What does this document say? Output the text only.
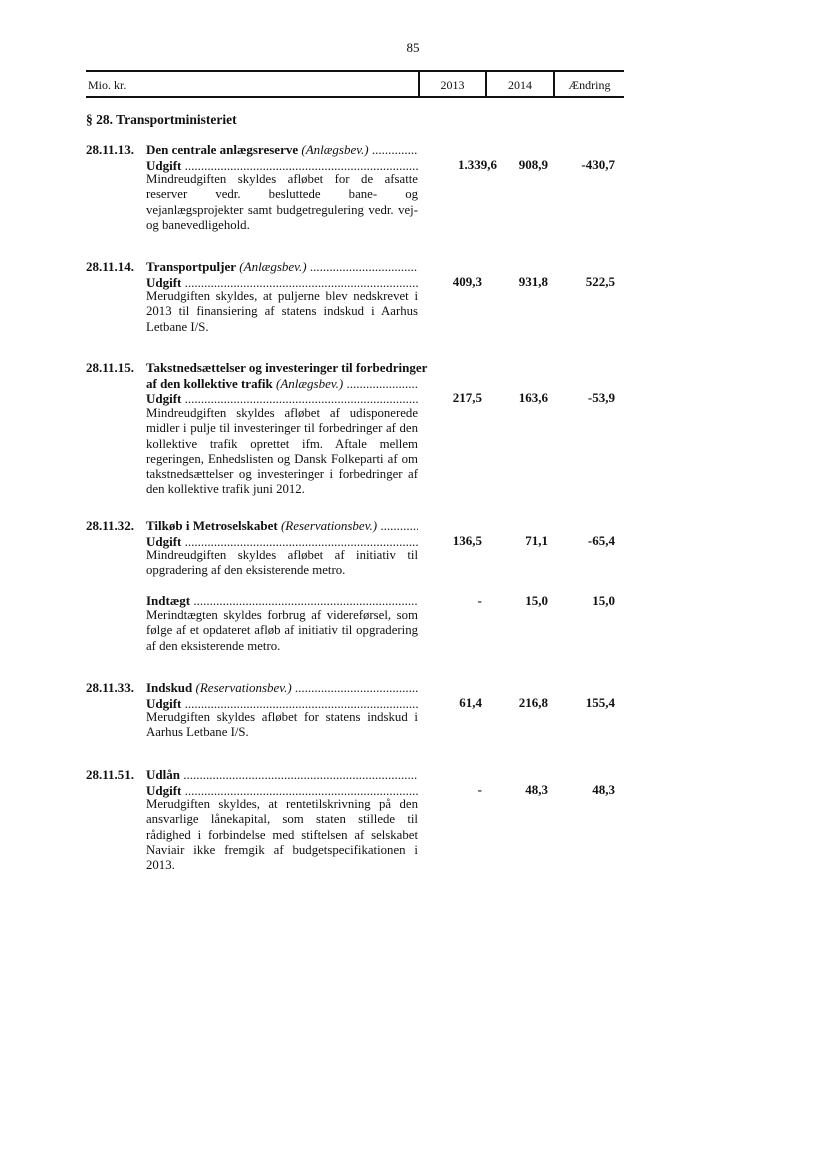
85
Mio. kr.	2013	2014	Ændring
§ 28. Transportministeriet
28.11.13. Den centrale anlægsreserve (Anlægsbev.) .....
Udgift .....	1.339,6	908,9	-430,7
Mindreudgiften skyldes afløbet for de afsatte reserver vedr. besluttede bane- og vejanlægsprojekter samt budgetregulering vedr. vej- og banevedligehold.
28.11.14. Transportpuljer (Anlægsbev.) .....
Udgift .....	409,3	931,8	522,5
Merudgiften skyldes, at puljerne blev nedskrevet i 2013 til finansiering af statens indskud i Aarhus Letbane I/S.
28.11.15. Takstnedsættelser og investeringer til forbedringer
af den kollektive trafik (Anlægsbev.) .....
Udgift .....	217,5	163,6	-53,9
Mindreudgiften skyldes afløbet af udisponerede midler i pulje til investeringer til forbedringer af den kollektive trafik oprettet ifm. Aftale mellem regeringen, Enhedslisten og Dansk Folkeparti af om takstnedsættelser og investeringer i forbedringer af den kollektive trafik juni 2012.
28.11.32. Tilkøb i Metroselskabet (Reservationsbev.) .....
Udgift .....	136,5	71,1	-65,4
Mindreudgiften skyldes afløbet af initiativ til opgradering af den eksisterende metro.
Indtægt .....	-	15,0	15,0
Merindtægten skyldes forbrug af videreførsel, som følge af et opdateret afløb af initiativ til opgradering af den eksisterende metro.
28.11.33. Indskud (Reservationsbev.) .....
Udgift .....	61,4	216,8	155,4
Merudgiften skyldes afløbet for statens indskud i Aarhus Letbane I/S.
28.11.51. Udlån .....
Udgift .....	-	48,3	48,3
Merudgiften skyldes, at rentetilskrivning på den ansvarlige lånekapital, som staten stillede til rådighed i forbindelse med stiftelsen af selskabet Naviair ikke fremgik af budgetspecifikationen i 2013.
